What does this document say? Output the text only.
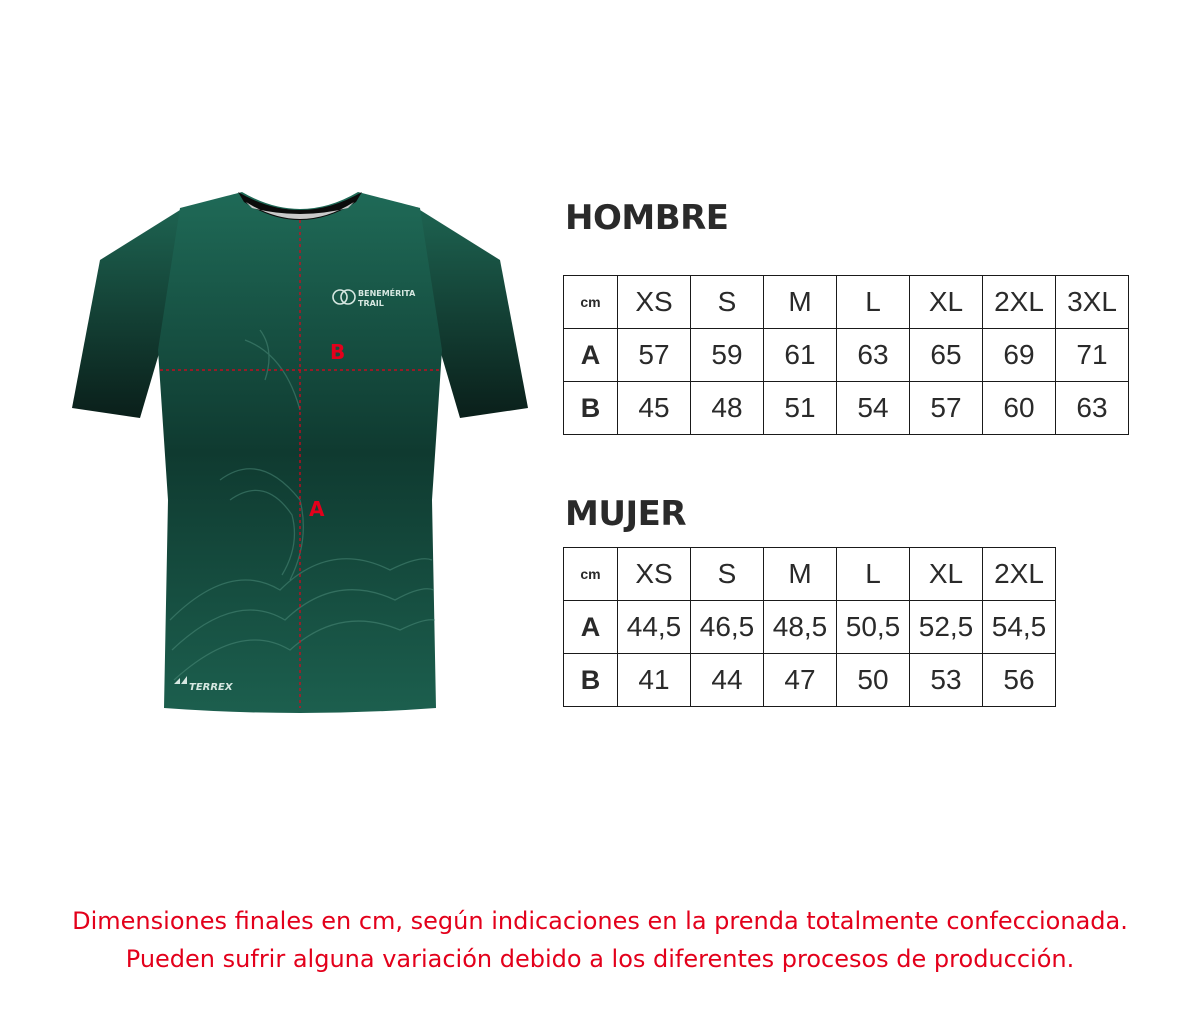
BENEMÉRITA
TRAIL
TERREX
B
A
HOMBRE
cm	XS	S	M	L	XL	2XL	3XL
A	57	59	61	63	65	69	71
B	45	48	51	54	57	60	63
MUJER
cm	XS	S	M	L	XL	2XL
A	44,5	46,5	48,5	50,5	52,5	54,5
B	41	44	47	50	53	56

Dimensiones finales en cm, según indicaciones en la prenda totalmente confeccionada.

Pueden sufrir alguna variación debido a los diferentes procesos de producción.
